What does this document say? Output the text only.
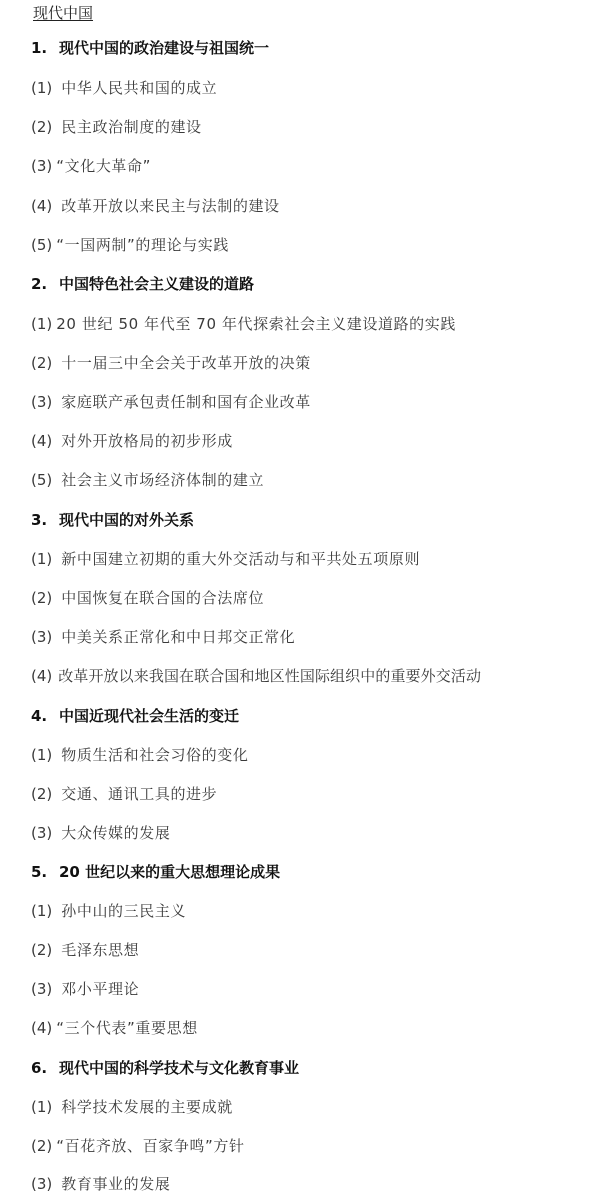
现代中国
1. 现代中国的政治建设与祖国统一
(1) 中华人民共和国的成立
(2) 民主政治制度的建设
(3) “文化大革命”
(4) 改革开放以来民主与法制的建设
(5) “一国两制”的理论与实践
2. 中国特色社会主义建设的道路
(1) 20 世纪 50 年代至 70 年代探索社会主义建设道路的实践
(2) 十一届三中全会关于改革开放的决策
(3) 家庭联产承包责任制和国有企业改革
(4) 对外开放格局的初步形成
(5) 社会主义市场经济体制的建立
3. 现代中国的对外关系
(1) 新中国建立初期的重大外交活动与和平共处五项原则
(2) 中国恢复在联合国的合法席位
(3) 中美关系正常化和中日邦交正常化
(4) 改革开放以来我国在联合国和地区性国际组织中的重要外交活动
4. 中国近现代社会生活的变迁
(1) 物质生活和社会习俗的变化
(2) 交通、通讯工具的进步
(3) 大众传媒的发展
5. 20 世纪以来的重大思想理论成果
(1) 孙中山的三民主义
(2) 毛泽东思想
(3) 邓小平理论
(4) “三个代表”重要思想
6. 现代中国的科学技术与文化教育事业
(1) 科学技术发展的主要成就
(2) “百花齐放、百家争鸣”方针
(3) 教育事业的发展
